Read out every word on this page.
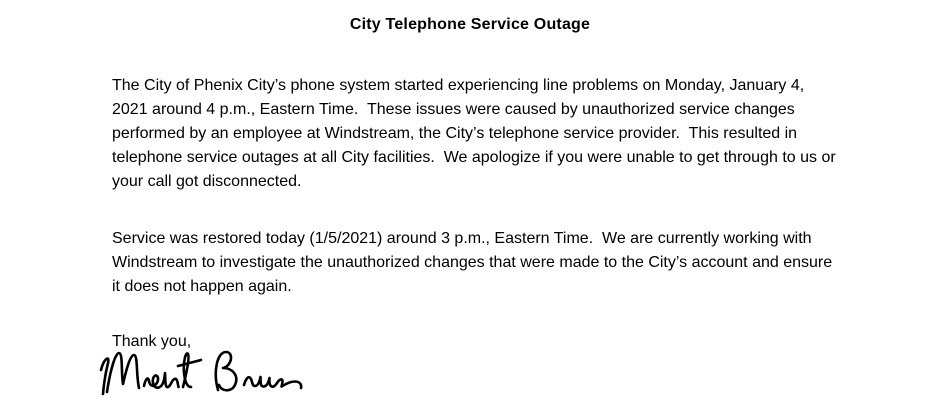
City Telephone Service Outage
The City of Phenix City’s phone system started experiencing line problems on Monday, January 4, 2021 around 4 p.m., Eastern Time.  These issues were caused by unauthorized service changes performed by an employee at Windstream, the City’s telephone service provider.  This resulted in telephone service outages at all City facilities.  We apologize if you were unable to get through to us or your call got disconnected.
Service was restored today (1/5/2021) around 3 p.m., Eastern Time.  We are currently working with Windstream to investigate the unauthorized changes that were made to the City’s account and ensure it does not happen again.
Thank you,
